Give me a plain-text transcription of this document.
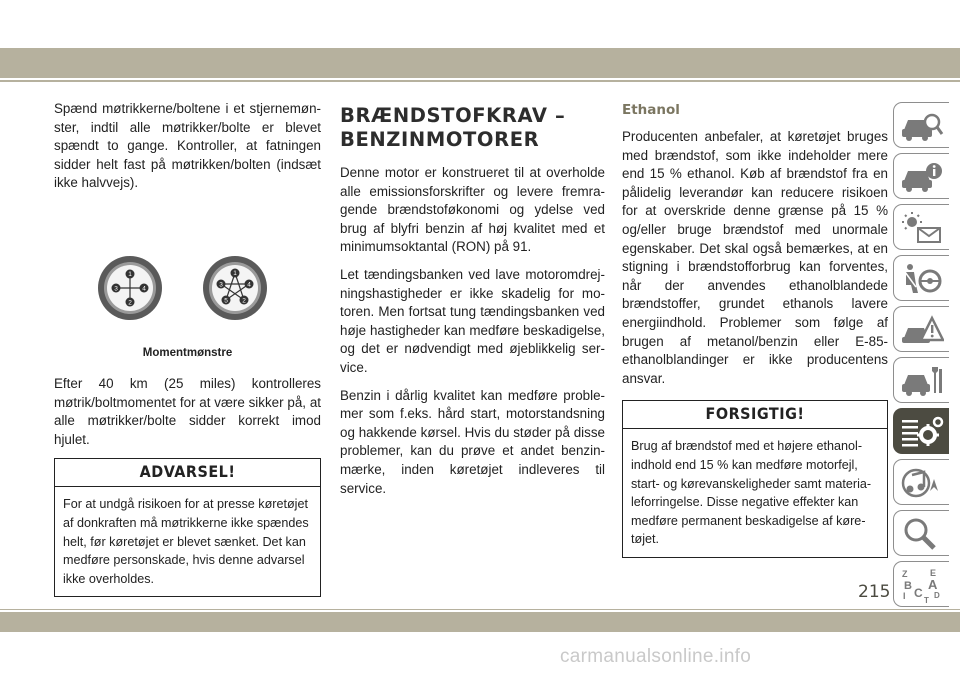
Spænd møtrikkerne/boltene i et stjernemønster, indtil alle møtrikker/bolte er blevet spændt to gange. Kontroller, at fatningen sidder helt fast på møtrikken/bolten (indsæt ikke halvvejs).

1
2
3	4
1
2
3	4
5
Momentmønstre

Efter 40 km (25 miles) kontrolleres møtrik/boltmomentet for at være sikker på, at alle møtrikker/bolte sidder korrekt imod hjulet.

ADVARSEL!
For at undgå risikoen for at presse køretøjet af donkraften må møtrikkerne ikke spændes helt, før køretøjet er blevet sænket. Det kan medføre personskade, hvis denne advarsel ikke overholdes.
BRÆNDSTOFKRAV – BENZINMOTORER

Denne motor er konstrueret til at overholde alle emissionsforskrifter og levere fremragende brændstoføkonomi og ydelse ved brug af blyfri benzin af høj kvalitet med et minimumsoktantal (RON) på 91.

Let tændingsbanken ved lave motoromdrejningshastigheder er ikke skadelig for motoren. Men fortsat tung tændingsbanken ved høje hastigheder kan medføre beskadigelse, og det er nødvendigt med øjeblikkelig service.

Benzin i dårlig kvalitet kan medføre problemer som f.eks. hård start, motorstandsning og hakkende kørsel. Hvis du støder på disse problemer, kan du prøve et andet benzinmærke, inden køretøjet indleveres til service.

Ethanol

Producenten anbefaler, at køretøjet bruges med brændstof, som ikke indeholder mere end 15 % ethanol. Køb af brændstof fra en pålidelig leverandør kan reducere risikoen for at overskride denne grænse på 15 % og/eller bruge brændstof med unormale egenskaber. Det skal også bemærkes, at en stigning i brændstofforbrug kan forventes, når der anvendes ethanolblandede brændstoffer, grundet ethanols lavere energiindhold. Problemer som følge af brugen af metanol/benzin eller E-85-ethanolblandinger er ikke producentens ansvar.

FORSIGTIG!
Brug af brændstof med et højere ethanolindhold end 15 % kan medføre motorfejl, start- og kørevanskeligheder samt materialeforringelse. Disse negative effekter kan medføre permanent beskadigelse af køretøjet.
Z	E
B A
I C D
T
215
carmanualsonline.info
